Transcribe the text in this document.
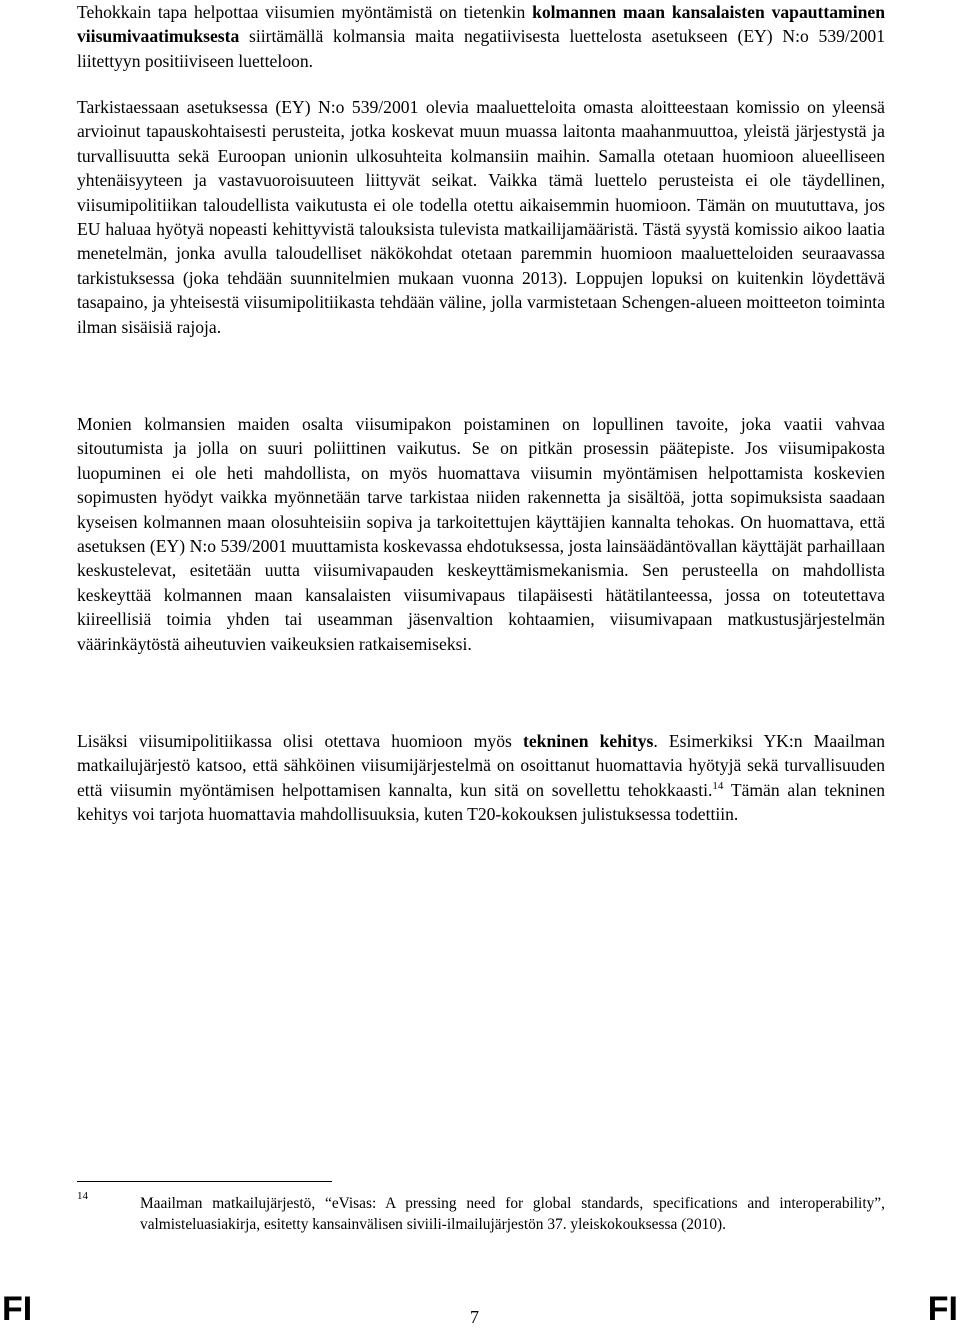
Tehokkain tapa helpottaa viisumien myöntämistä on tietenkin kolmannen maan kansalaisten vapauttaminen viisumivaatimuksesta siirtämällä kolmansia maita negatiivisesta luettelosta asetukseen (EY) N:o 539/2001 liitettyyn positiiviseen luetteloon.

Tarkistaessaan asetuksessa (EY) N:o 539/2001 olevia maaluetteloita omasta aloitteestaan komissio on yleensä arvioinut tapauskohtaisesti perusteita, jotka koskevat muun muassa laitonta maahanmuuttoa, yleistä järjestystä ja turvallisuutta sekä Euroopan unionin ulkosuhteita kolmansiin maihin. Samalla otetaan huomioon alueelliseen yhtenäisyyteen ja vastavuoroisuuteen liittyvät seikat. Vaikka tämä luettelo perusteista ei ole täydellinen, viisumipolitiikan taloudellista vaikutusta ei ole todella otettu aikaisemmin huomioon. Tämän on muututtava, jos EU haluaa hyötyä nopeasti kehittyvistä talouksista tulevista matkailijamääristä. Tästä syystä komissio aikoo laatia menetelmän, jonka avulla taloudelliset näkökohdat otetaan paremmin huomioon maaluetteloiden seuraavassa tarkistuksessa (joka tehdään suunnitelmien mukaan vuonna 2013). Loppujen lopuksi on kuitenkin löydettävä tasapaino, ja yhteisestä viisumipolitiikasta tehdään väline, jolla varmistetaan Schengen-alueen moitteeton toiminta ilman sisäisiä rajoja.

Monien kolmansien maiden osalta viisumipakon poistaminen on lopullinen tavoite, joka vaatii vahvaa sitoutumista ja jolla on suuri poliittinen vaikutus. Se on pitkän prosessin päätepiste. Jos viisumipakosta luopuminen ei ole heti mahdollista, on myös huomattava viisumin myöntämisen helpottamista koskevien sopimusten hyödyt vaikka myönnetään tarve tarkistaa niiden rakennetta ja sisältöä, jotta sopimuksista saadaan kyseisen kolmannen maan olosuhteisiin sopiva ja tarkoitettujen käyttäjien kannalta tehokas. On huomattava, että asetuksen (EY) N:o 539/2001 muuttamista koskevassa ehdotuksessa, josta lainsäädäntövallan käyttäjät parhaillaan keskustelevat, esitetään uutta viisumivapauden keskeyttämismekanismia. Sen perusteella on mahdollista keskeyttää kolmannen maan kansalaisten viisumivapaus tilapäisesti hätätilanteessa, jossa on toteutettava kiireellisiä toimia yhden tai useamman jäsenvaltion kohtaamien, viisumivapaan matkustusjärjestelmän väärinkäytöstä aiheutuvien vaikeuksien ratkaisemiseksi.

Lisäksi viisumipolitiikassa olisi otettava huomioon myös tekninen kehitys. Esimerkiksi YK:n Maailman matkailujärjestö katsoo, että sähköinen viisumijärjestelmä on osoittanut huomattavia hyötyjä sekä turvallisuuden että viisumin myöntämisen helpottamisen kannalta, kun sitä on sovellettu tehokkaasti.$^{14}$ Tämän alan tekninen kehitys voi tarjota huomattavia mahdollisuuksia, kuten T20-kokouksen julistuksessa todettiin.

14	Maailman matkailujärjestö, “eVisas: A pressing need for global standards, specifications and interoperability”, valmisteluasiakirja, esitetty kansainvälisen siviili-ilmailujärjestön 37. yleiskokouksessa (2010).

FI	7	FI
